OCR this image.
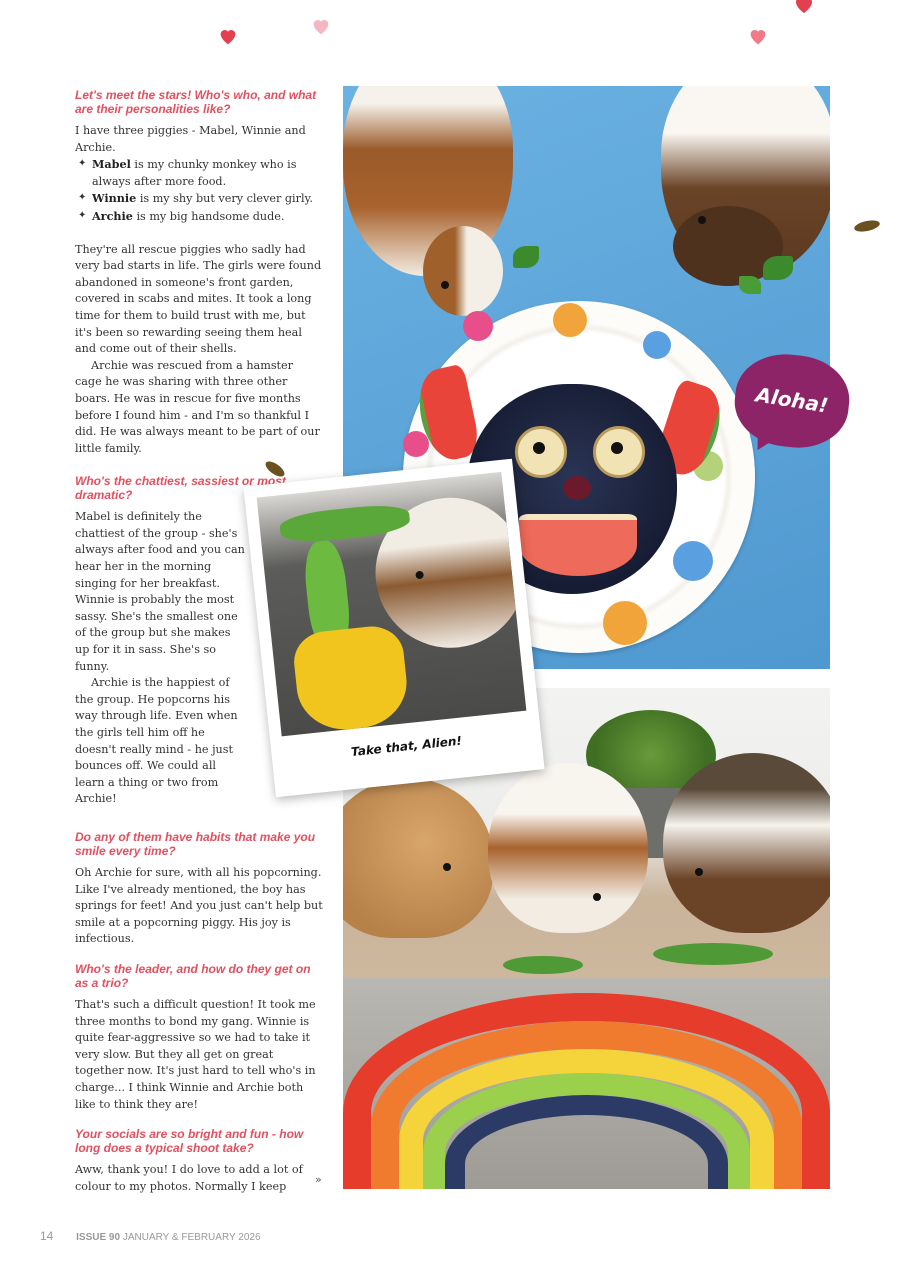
Let's meet the stars! Who's who, and what are their personalities like?

I have three piggies - Mabel, Winnie and Archie.

✦ Mabel is my chunky monkey who is always after more food.
✦ Winnie is my shy but very clever girly.
✦ Archie is my big handsome dude.

They're all rescue piggies who sadly had very bad starts in life. The girls were found abandoned in someone's front garden, covered in scabs and mites. It took a long time for them to build trust with me, but it's been so rewarding seeing them heal and come out of their shells.

Archie was rescued from a hamster cage he was sharing with three other boars. He was in rescue for five months before I found him - and I'm so thankful I did. He was always meant to be part of our little family.

Who's the chattiest, sassiest or most dramatic?

Mabel is definitely the chattiest of the group - she's always after food and you can hear her in the morning singing for her breakfast. Winnie is probably the most sassy. She's the smallest one of the group but she makes up for it in sass. She's so funny.

Archie is the happiest of the group. He popcorns his way through life. Even when the girls tell him off he doesn't really mind - he just bounces off. We could all learn a thing or two from Archie!

Do any of them have habits that make you smile every time?

Oh Archie for sure, with all his popcorning. Like I've already mentioned, the boy has springs for feet! And you just can't help but smile at a popcorning piggy. His joy is infectious.

Who's the leader, and how do they get on as a trio?

That's such a difficult question! It took me three months to bond my gang. Winnie is quite fear-aggressive so we had to take it very slow. But they all get on great together now. It's just hard to tell who's in charge... I think Winnie and Archie both like to think they are!

Your socials are so bright and fun - how long does a typical shoot take?

Aww, thank you! I do love to add a lot of colour to my photos. Normally I keep

»
Aloha!
Take that, Alien!
14 ISSUE 90 JANUARY & FEBRUARY 2026
